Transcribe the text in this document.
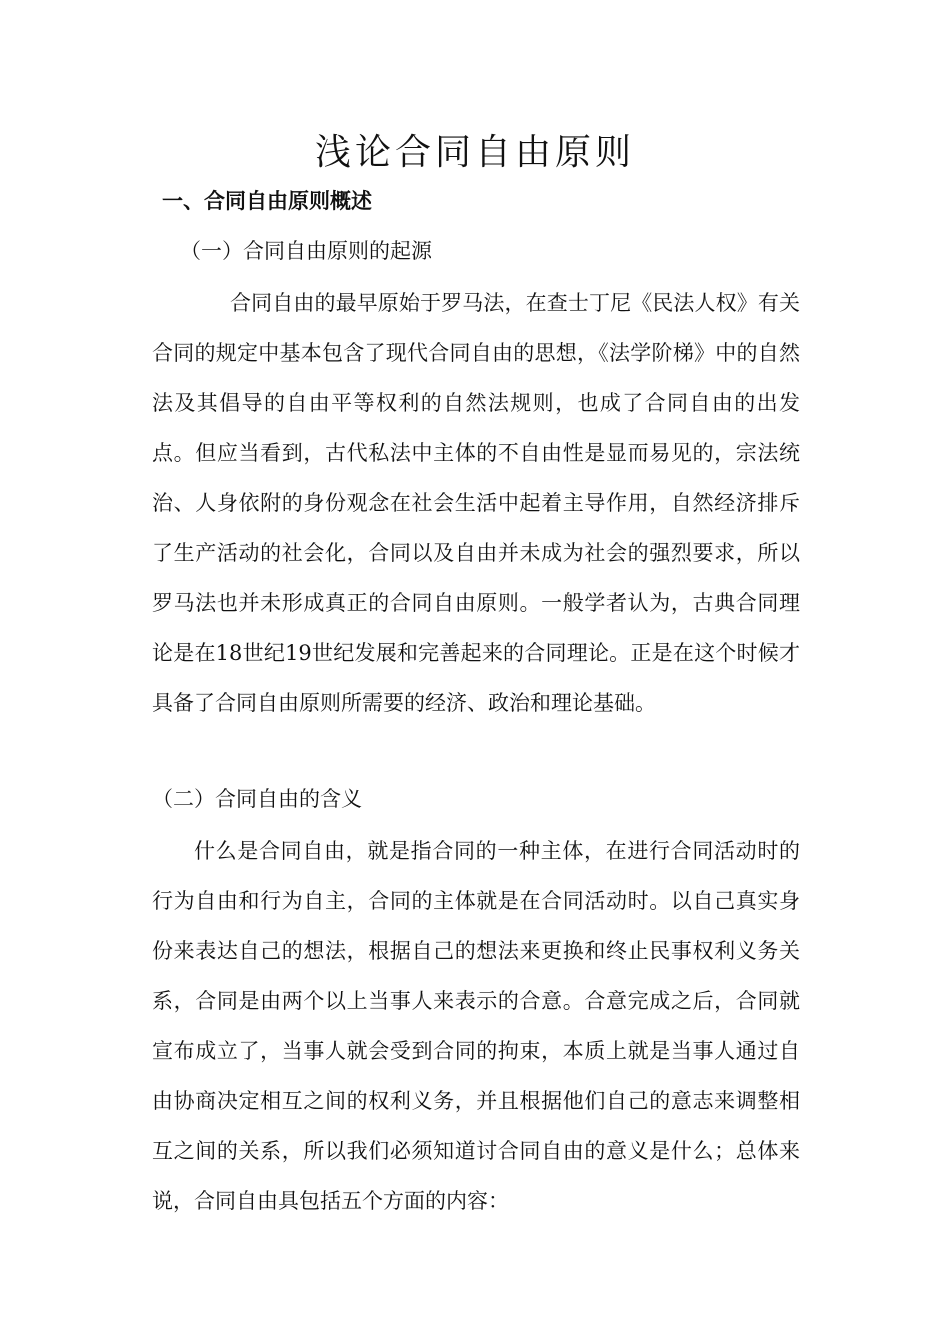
浅论合同自由原则
一、合同自由原则概述
（一）合同自由原则的起源

合同自由的最早原始于罗马法，在查士丁尼《民法人权》有关合同的规定中基本包含了现代合同自由的思想，《法学阶梯》中的自然法及其倡导的自由平等权利的自然法规则，也成了合同自由的出发点。但应当看到，古代私法中主体的不自由性是显而易见的，宗法统治、人身依附的身份观念在社会生活中起着主导作用，自然经济排斥了生产活动的社会化，合同以及自由并未成为社会的强烈要求，所以罗马法也并未形成真正的合同自由原则。一般学者认为，古典合同理论是在18世纪19世纪发展和完善起来的合同理论。正是在这个时候才具备了合同自由原则所需要的经济、政治和理论基础。

（二）合同自由的含义

什么是合同自由，就是指合同的一种主体，在进行合同活动时的行为自由和行为自主，合同的主体就是在合同活动时。以自己真实身份来表达自己的想法，根据自己的想法来更换和终止民事权利义务关系，合同是由两个以上当事人来表示的合意。合意完成之后，合同就宣布成立了，当事人就会受到合同的拘束，本质上就是当事人通过自由协商决定相互之间的权利义务，并且根据他们自己的意志来调整相互之间的关系，所以我们必须知道讨合同自由的意义是什么；总体来说，合同自由具包括五个方面的内容：
